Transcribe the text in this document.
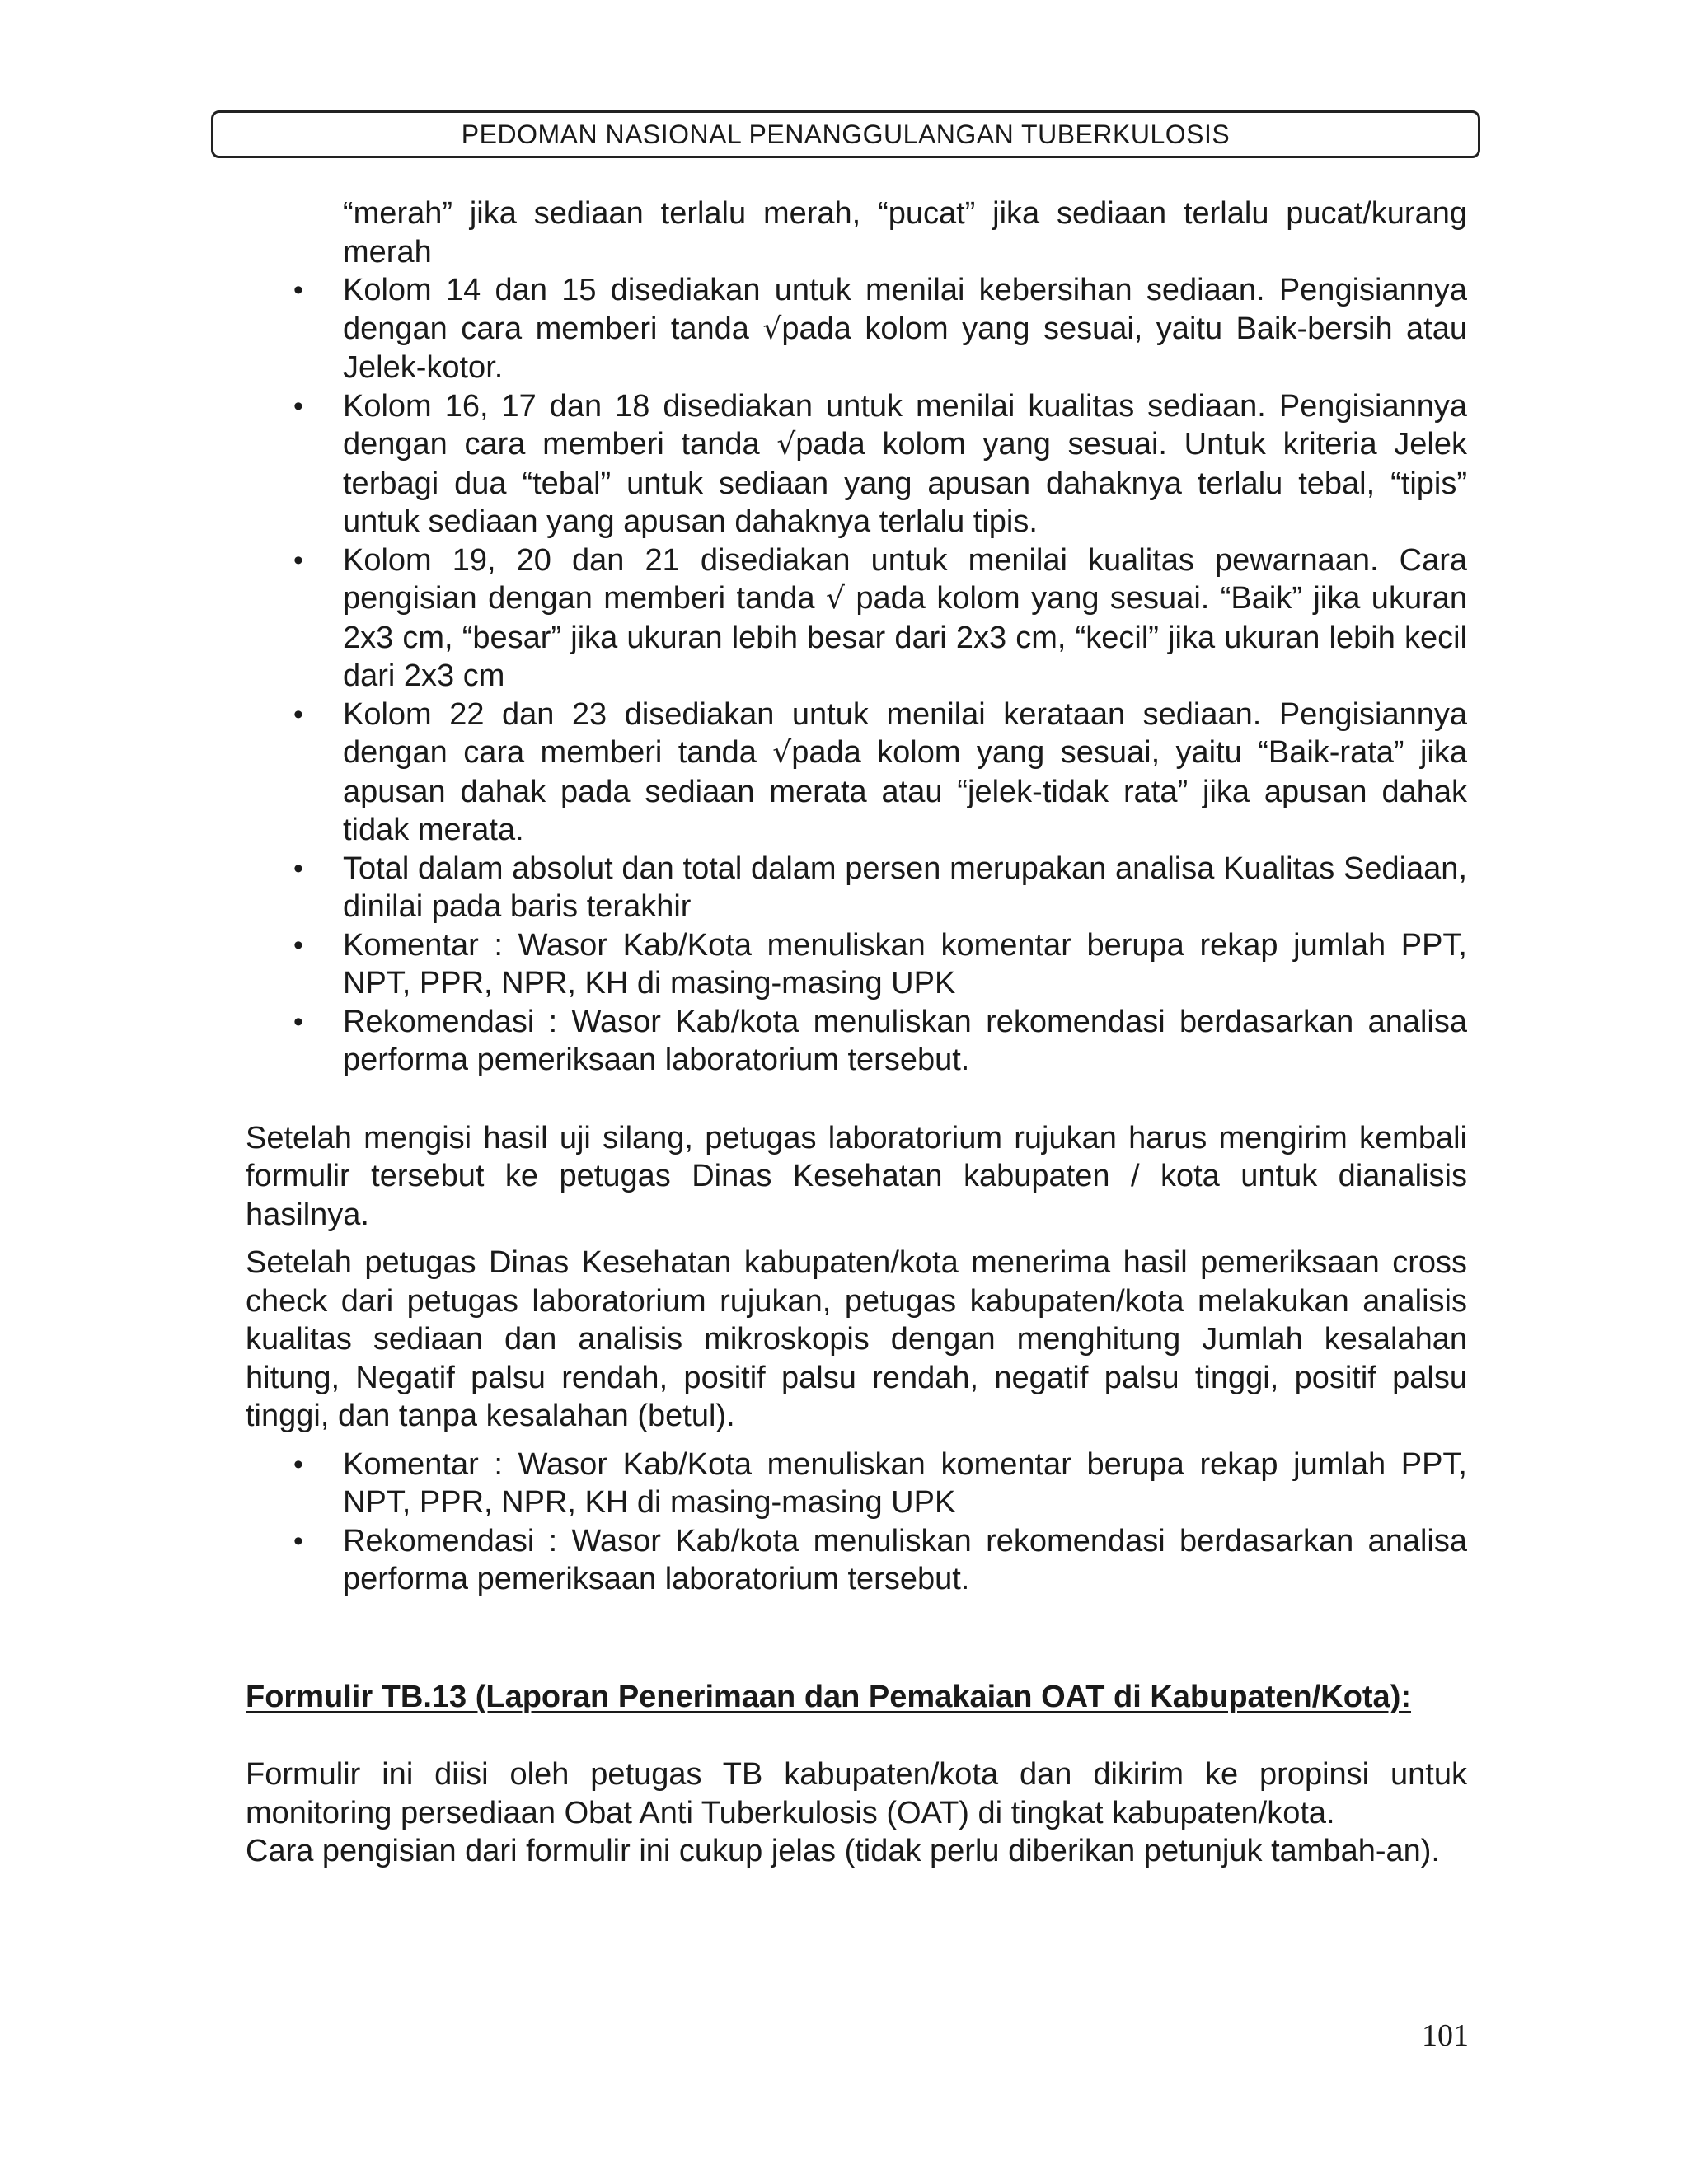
PEDOMAN NASIONAL PENANGGULANGAN TUBERKULOSIS
“merah” jika sediaan terlalu merah, “pucat” jika sediaan terlalu pucat/kurang merah
• Kolom 14 dan 15 disediakan untuk menilai kebersihan sediaan. Pengisiannya dengan cara memberi tanda √pada kolom yang sesuai, yaitu Baik-bersih atau Jelek-kotor.
• Kolom 16, 17 dan 18 disediakan untuk menilai kualitas sediaan. Pengisiannya dengan cara memberi tanda √pada kolom yang sesuai. Untuk kriteria Jelek terbagi dua “tebal” untuk sediaan yang apusan dahaknya terlalu tebal, “tipis” untuk sediaan yang apusan dahaknya terlalu tipis.
• Kolom 19, 20 dan 21 disediakan untuk menilai kualitas pewarnaan. Cara pengisian dengan memberi tanda √ pada kolom yang sesuai. “Baik” jika ukuran 2x3 cm, “besar” jika ukuran lebih besar dari 2x3 cm, “kecil” jika ukuran lebih kecil dari 2x3 cm
• Kolom 22 dan 23 disediakan untuk menilai kerataan sediaan. Pengisiannya dengan cara memberi tanda √pada kolom yang sesuai, yaitu “Baik-rata” jika apusan dahak pada sediaan merata atau “jelek-tidak rata” jika apusan dahak tidak merata.
• Total dalam absolut dan total dalam persen merupakan analisa Kualitas Sediaan, dinilai pada baris terakhir
• Komentar : Wasor Kab/Kota menuliskan komentar berupa rekap jumlah PPT, NPT, PPR, NPR, KH di masing-masing UPK
• Rekomendasi : Wasor Kab/kota menuliskan rekomendasi berdasarkan analisa performa pemeriksaan laboratorium tersebut.

Setelah mengisi hasil uji silang, petugas laboratorium rujukan harus mengirim kembali formulir tersebut ke petugas Dinas Kesehatan kabupaten / kota untuk dianalisis hasilnya.

Setelah petugas Dinas Kesehatan kabupaten/kota menerima hasil pemeriksaan cross check dari petugas laboratorium rujukan, petugas kabupaten/kota melakukan analisis kualitas sediaan dan analisis mikroskopis dengan menghitung Jumlah kesalahan hitung, Negatif palsu rendah, positif palsu rendah, negatif palsu tinggi, positif palsu tinggi, dan tanpa kesalahan (betul).

• Komentar : Wasor Kab/Kota menuliskan komentar berupa rekap jumlah PPT, NPT, PPR, NPR, KH di masing-masing UPK
• Rekomendasi : Wasor Kab/kota menuliskan rekomendasi berdasarkan analisa performa pemeriksaan laboratorium tersebut.

Formulir TB.13 (Laporan Penerimaan dan Pemakaian OAT di Kabupaten/Kota):

Formulir ini diisi oleh petugas TB kabupaten/kota dan dikirim ke propinsi untuk monitoring persediaan Obat Anti Tuberkulosis (OAT) di tingkat kabupaten/kota.

Cara pengisian dari formulir ini cukup jelas (tidak perlu diberikan petunjuk tambah-an).

101
